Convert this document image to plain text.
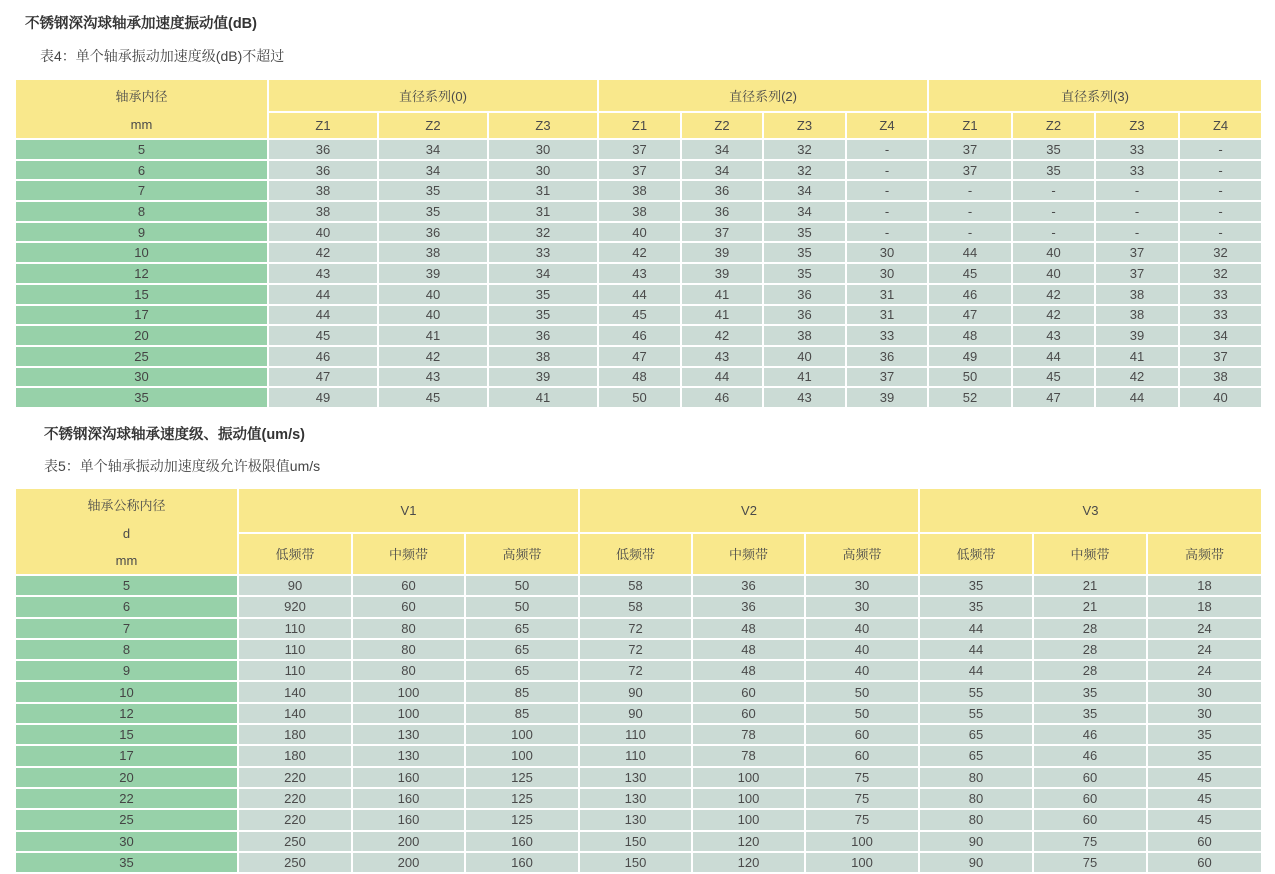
不锈钢深沟球轴承加速度振动值(dB)
表4：单个轴承振动加速度级(dB)不超过
轴承内径
mm	直径系列(0)			直径系列(2)				直径系列(3)			
	Z1	Z2	Z3	Z1	Z2	Z3	Z4	Z1	Z2	Z3	Z4
5	36	34	30	37	34	32	-	37	35	33	-
6	36	34	30	37	34	32	-	37	35	33	-
7	38	35	31	38	36	34	-	-	-	-	-
8	38	35	31	38	36	34	-	-	-	-	-
9	40	36	32	40	37	35	-	-	-	-	-
10	42	38	33	42	39	35	30	44	40	37	32
12	43	39	34	43	39	35	30	45	40	37	32
15	44	40	35	44	41	36	31	46	42	38	33
17	44	40	35	45	41	36	31	47	42	38	33
20	45	41	36	46	42	38	33	48	43	39	34
25	46	42	38	47	43	40	36	49	44	41	37
30	47	43	39	48	44	41	37	50	45	42	38
35	49	45	41	50	46	43	39	52	47	44	40
不锈钢深沟球轴承速度级、振动值(um/s)
表5：单个轴承振动加速度级允许极限值um/s
轴承公称内径
d
mm	V1			V2			V3		
	低频带	中频带	高频带	低频带	中频带	高频带	低频带	中频带	高频带
5	90	60	50	58	36	30	35	21	18
6	920	60	50	58	36	30	35	21	18
7	110	80	65	72	48	40	44	28	24
8	110	80	65	72	48	40	44	28	24
9	110	80	65	72	48	40	44	28	24
10	140	100	85	90	60	50	55	35	30
12	140	100	85	90	60	50	55	35	30
15	180	130	100	110	78	60	65	46	35
17	180	130	100	110	78	60	65	46	35
20	220	160	125	130	100	75	80	60	45
22	220	160	125	130	100	75	80	60	45
25	220	160	125	130	100	75	80	60	45
30	250	200	160	150	120	100	90	75	60
35	250	200	160	150	120	100	90	75	60
